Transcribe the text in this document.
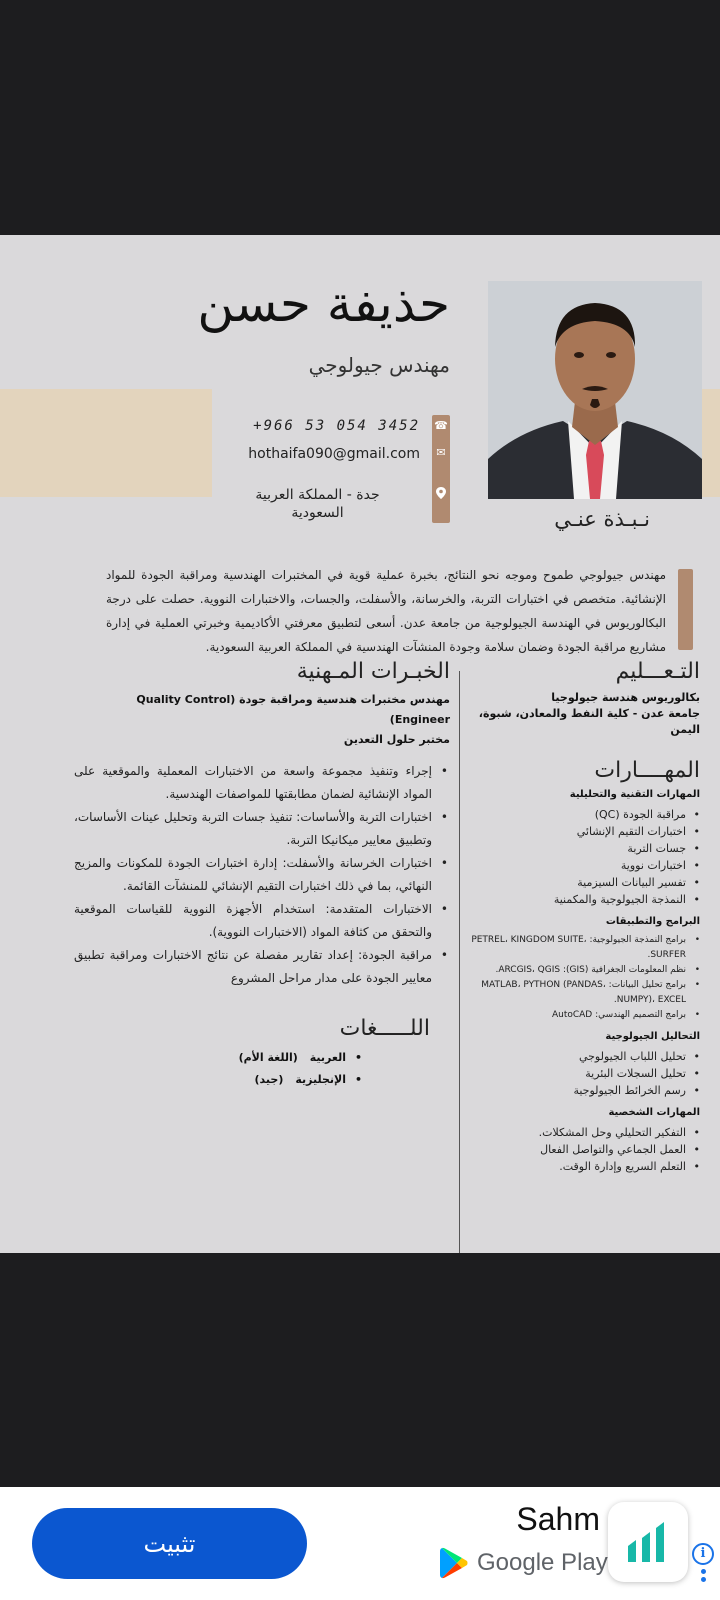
حذيفة حسن
مهندس جيولوجي
☎
✉
+966 53 054 3452
hothaifa090@gmail.com
جدة - المملكة العربية السعودية	نـبـذة عنـي
مهندس جيولوجي طموح وموجه نحو النتائج، بخبرة عملية قوية في المختبرات الهندسية ومراقبة الجودة للمواد الإنشائية. متخصص في اختبارات التربة، والخرسانة، والأسفلت، والجسات، والاختبارات النووية. حصلت على درجة البكالوريوس في الهندسة الجيولوجية من جامعة عدن. أسعى لتطبيق معرفتي الأكاديمية وخبرتي العملية في إدارة مشاريع مراقبة الجودة وضمان سلامة وجودة المنشآت الهندسية في المملكة العربية السعودية.
التـعـــليم
بكالوريوس هندسة جيولوجيا
جامعة عدن - كلية النفط والمعادن، شبوة، اليمن
المهــــارات
المهارات التقنية والتحليلية
• مراقبة الجودة (QC)
• اختبارات التقيم الإنشائي
• جسات التربة
• اختبارات نووية
• تفسير البيانات السيزمية
• النمذجة الجيولوجية والمكمنية
البرامج والتطبيقات
• برامج النمذجة الجيولوجية: PETREL، KINGDOM SUITE، SURFER.
• نظم المعلومات الجغرافية (GIS): ARCGIS، QGIS.
• برامج تحليل البيانات: MATLAB، PYTHON (PANDAS، NUMPY)، EXCEL.
• برامج التصميم الهندسي: AutoCAD
التحاليل الجيولوجية
• تحليل اللباب الجيولوجي
• تحليل السجلات البئرية
• رسم الخرائط الجيولوجية
المهارات الشخصية
• التفكير التحليلي وحل المشكلات.
• العمل الجماعي والتواصل الفعال
• التعلم السريع وإدارة الوقت.
الخبـرات المـهنية
مهندس مختبرات هندسية ومراقبة جودة (Quality Control Engineer)
مختبر حلول التعدين
• إجراء وتنفيذ مجموعة واسعة من الاختبارات المعملية والموقعية على المواد الإنشائية لضمان مطابقتها للمواصفات الهندسية.
• اختبارات التربة والأساسات: تنفيذ جسات التربة وتحليل عينات الأساسات، وتطبيق معايير ميكانيكا التربة.
• اختبارات الخرسانة والأسفلت: إدارة اختبارات الجودة للمكونات والمزيج النهائي، بما في ذلك اختبارات التقيم الإنشائي للمنشآت القائمة.
• الاختبارات المتقدمة: استخدام الأجهزة النووية للقياسات الموقعية والتحقق من كثافة المواد (الاختبارات النووية).
• مراقبة الجودة: إعداد تقارير مفصلة عن نتائج الاختبارات ومراقبة تطبيق معايير الجودة على مدار مراحل المشروع
اللـــــغات
• العربية(اللغة الأم)
• الإنجليزية(جيد)
تثبيت
Sahm
Google Play	i
